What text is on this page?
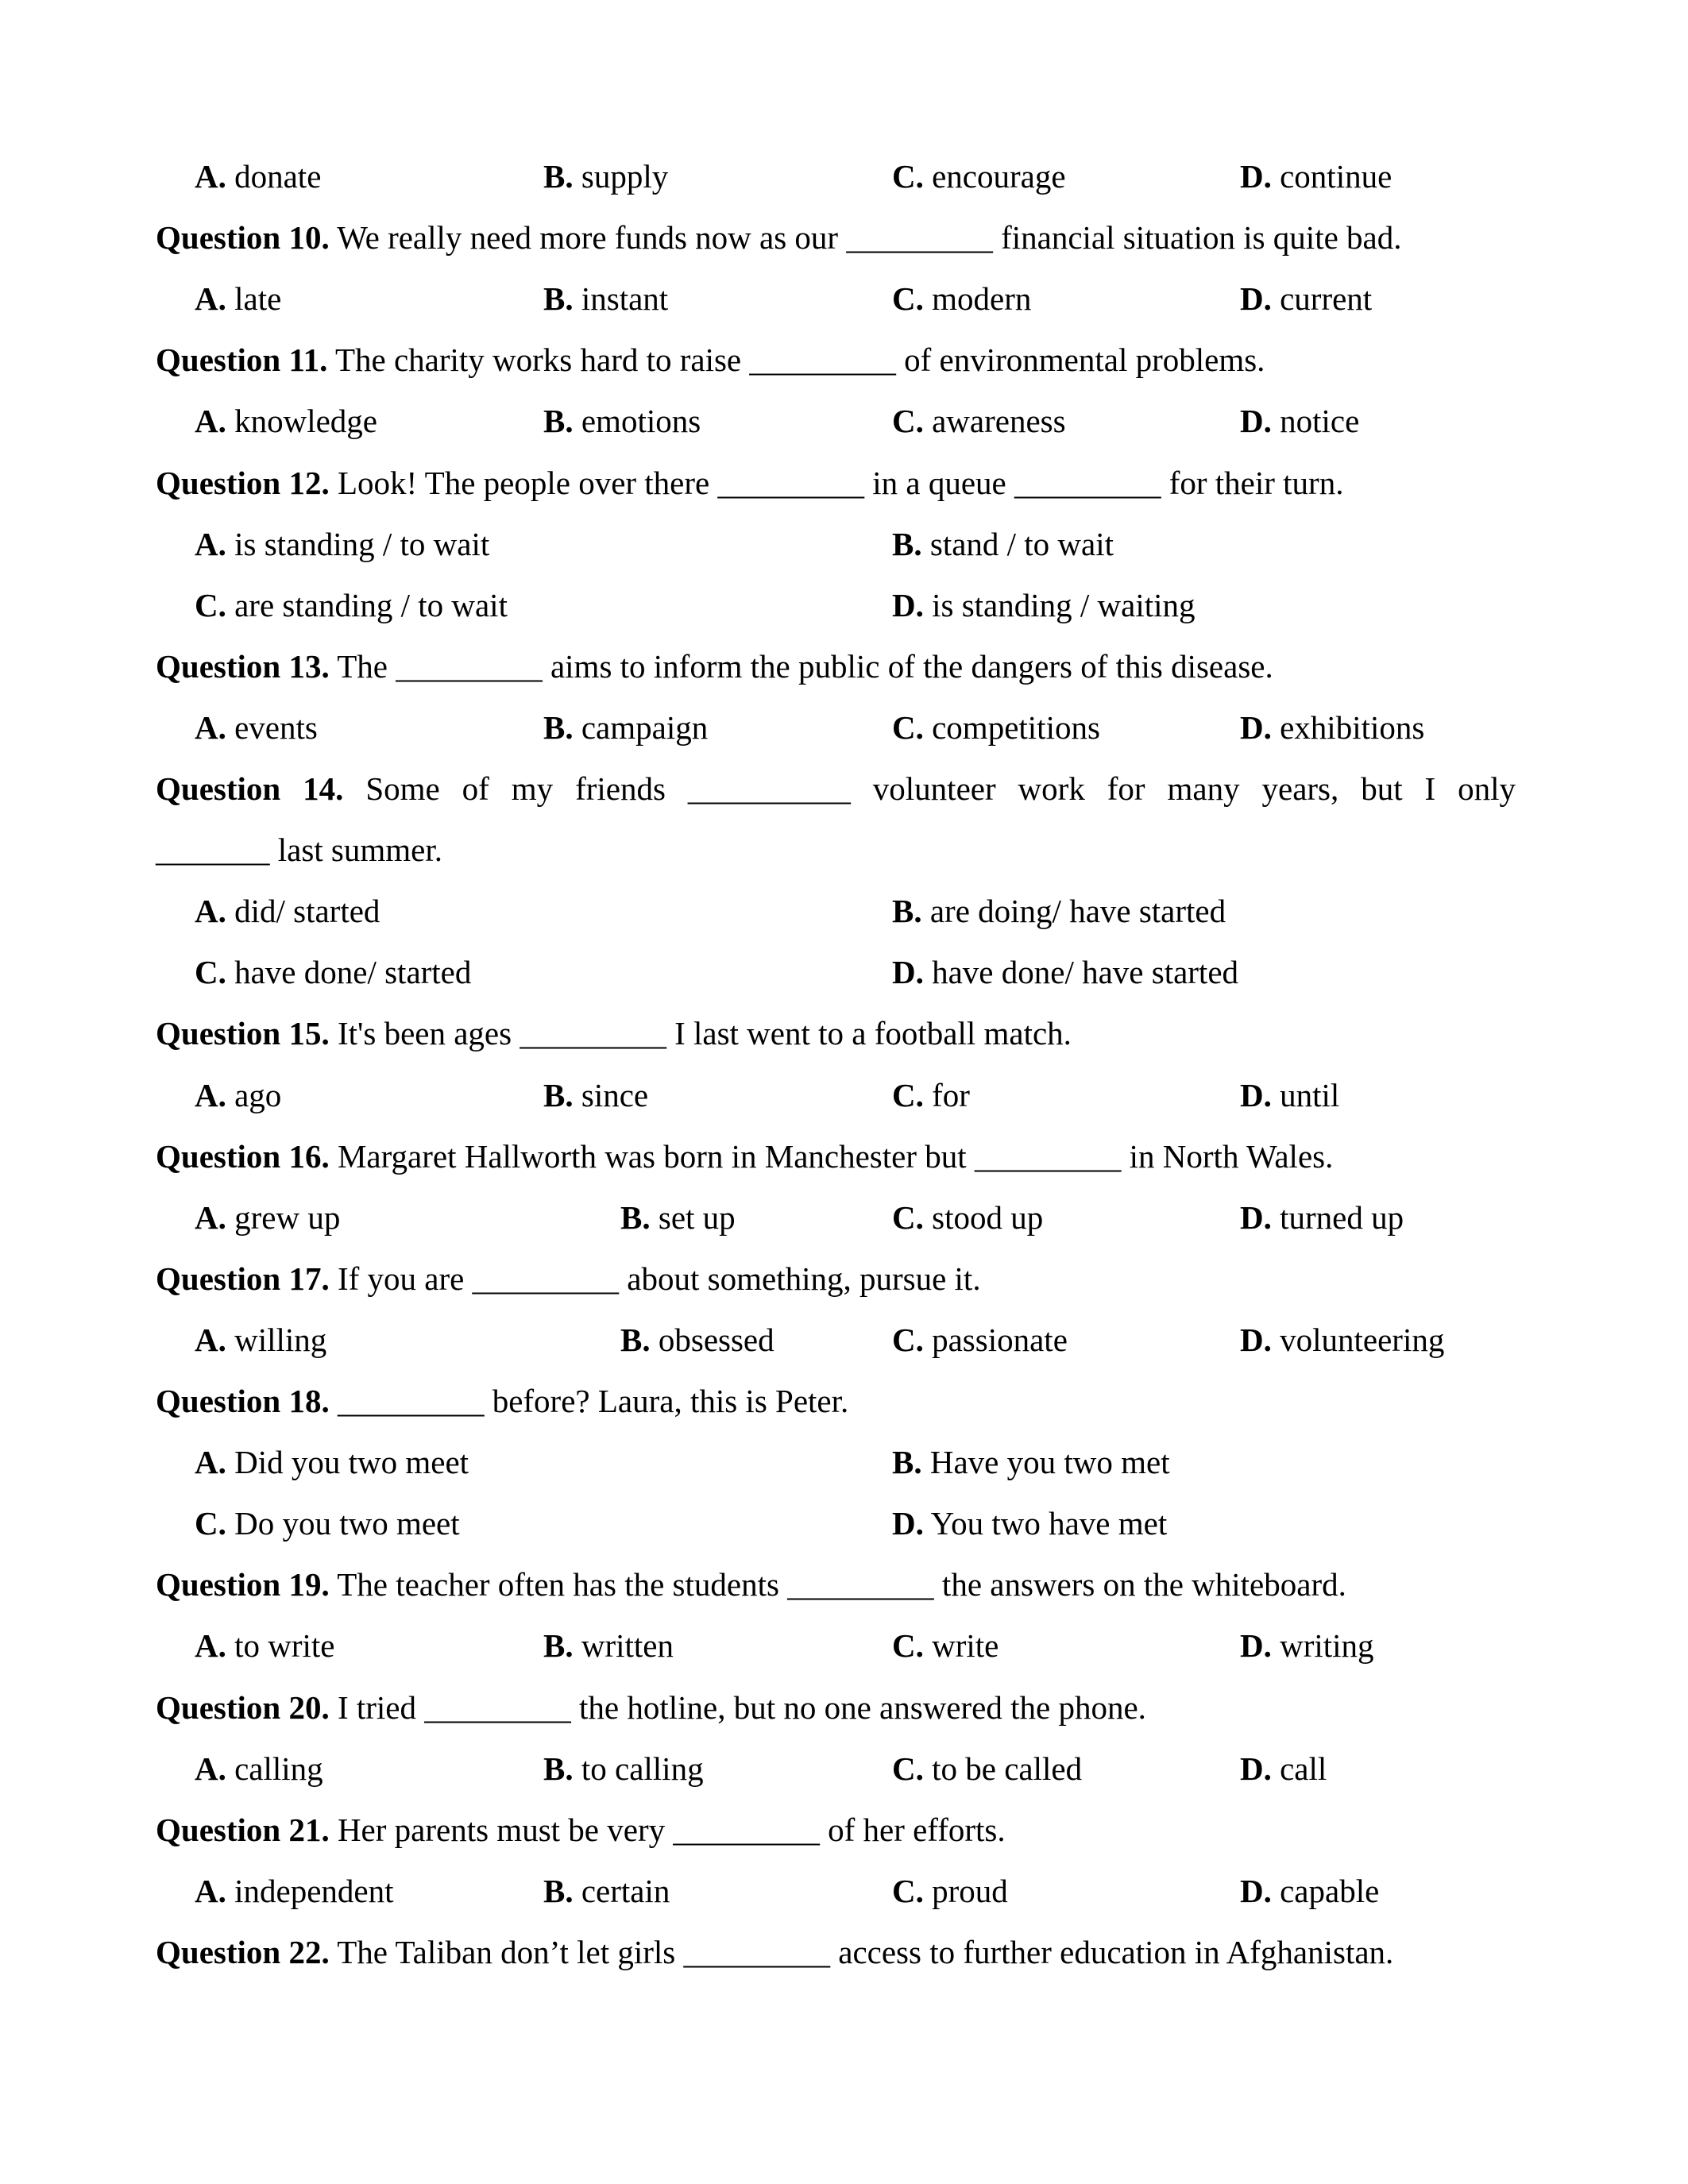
A. donate	B. supply	C. encourage	D. continue
Question 10. We really need more funds now as our _________ financial situation is quite bad.
A. late	B. instant	C. modern	D. current
Question 11. The charity works hard to raise _________ of environmental problems.
A. knowledge	B. emotions	C. awareness	D. notice
Question 12. Look! The people over there _________ in a queue _________ for their turn.
A. is standing / to wait	B. stand / to wait
C. are standing / to wait	D. is standing / waiting
Question 13. The _________ aims to inform the public of the dangers of this disease.
A. events	B. campaign	C. competitions	D. exhibitions
Question 14. Some of my friends __________ volunteer work for many years, but I only
_______ last summer.
A. did/ started	B. are doing/ have started
C. have done/ started	D. have done/ have started
Question 15. It's been ages _________ I last went to a football match.
A. ago	B. since	C. for	D. until
Question 16. Margaret Hallworth was born in Manchester but _________ in North Wales.
A. grew up	B. set up	C. stood up	D. turned up
Question 17. If you are _________ about something, pursue it.
A. willing	B. obsessed	C. passionate	D. volunteering
Question 18. _________ before? Laura, this is Peter.
A. Did you two meet	B. Have you two met
C. Do you two meet	D. You two have met
Question 19. The teacher often has the students _________ the answers on the whiteboard.
A. to write	B. written	C. write	D. writing
Question 20. I tried _________ the hotline, but no one answered the phone.
A. calling	B. to calling	C. to be called	D. call
Question 21. Her parents must be very _________ of her efforts.
A. independent	B. certain	C. proud	D. capable
Question 22. The Taliban don’t let girls _________ access to further education in Afghanistan.
